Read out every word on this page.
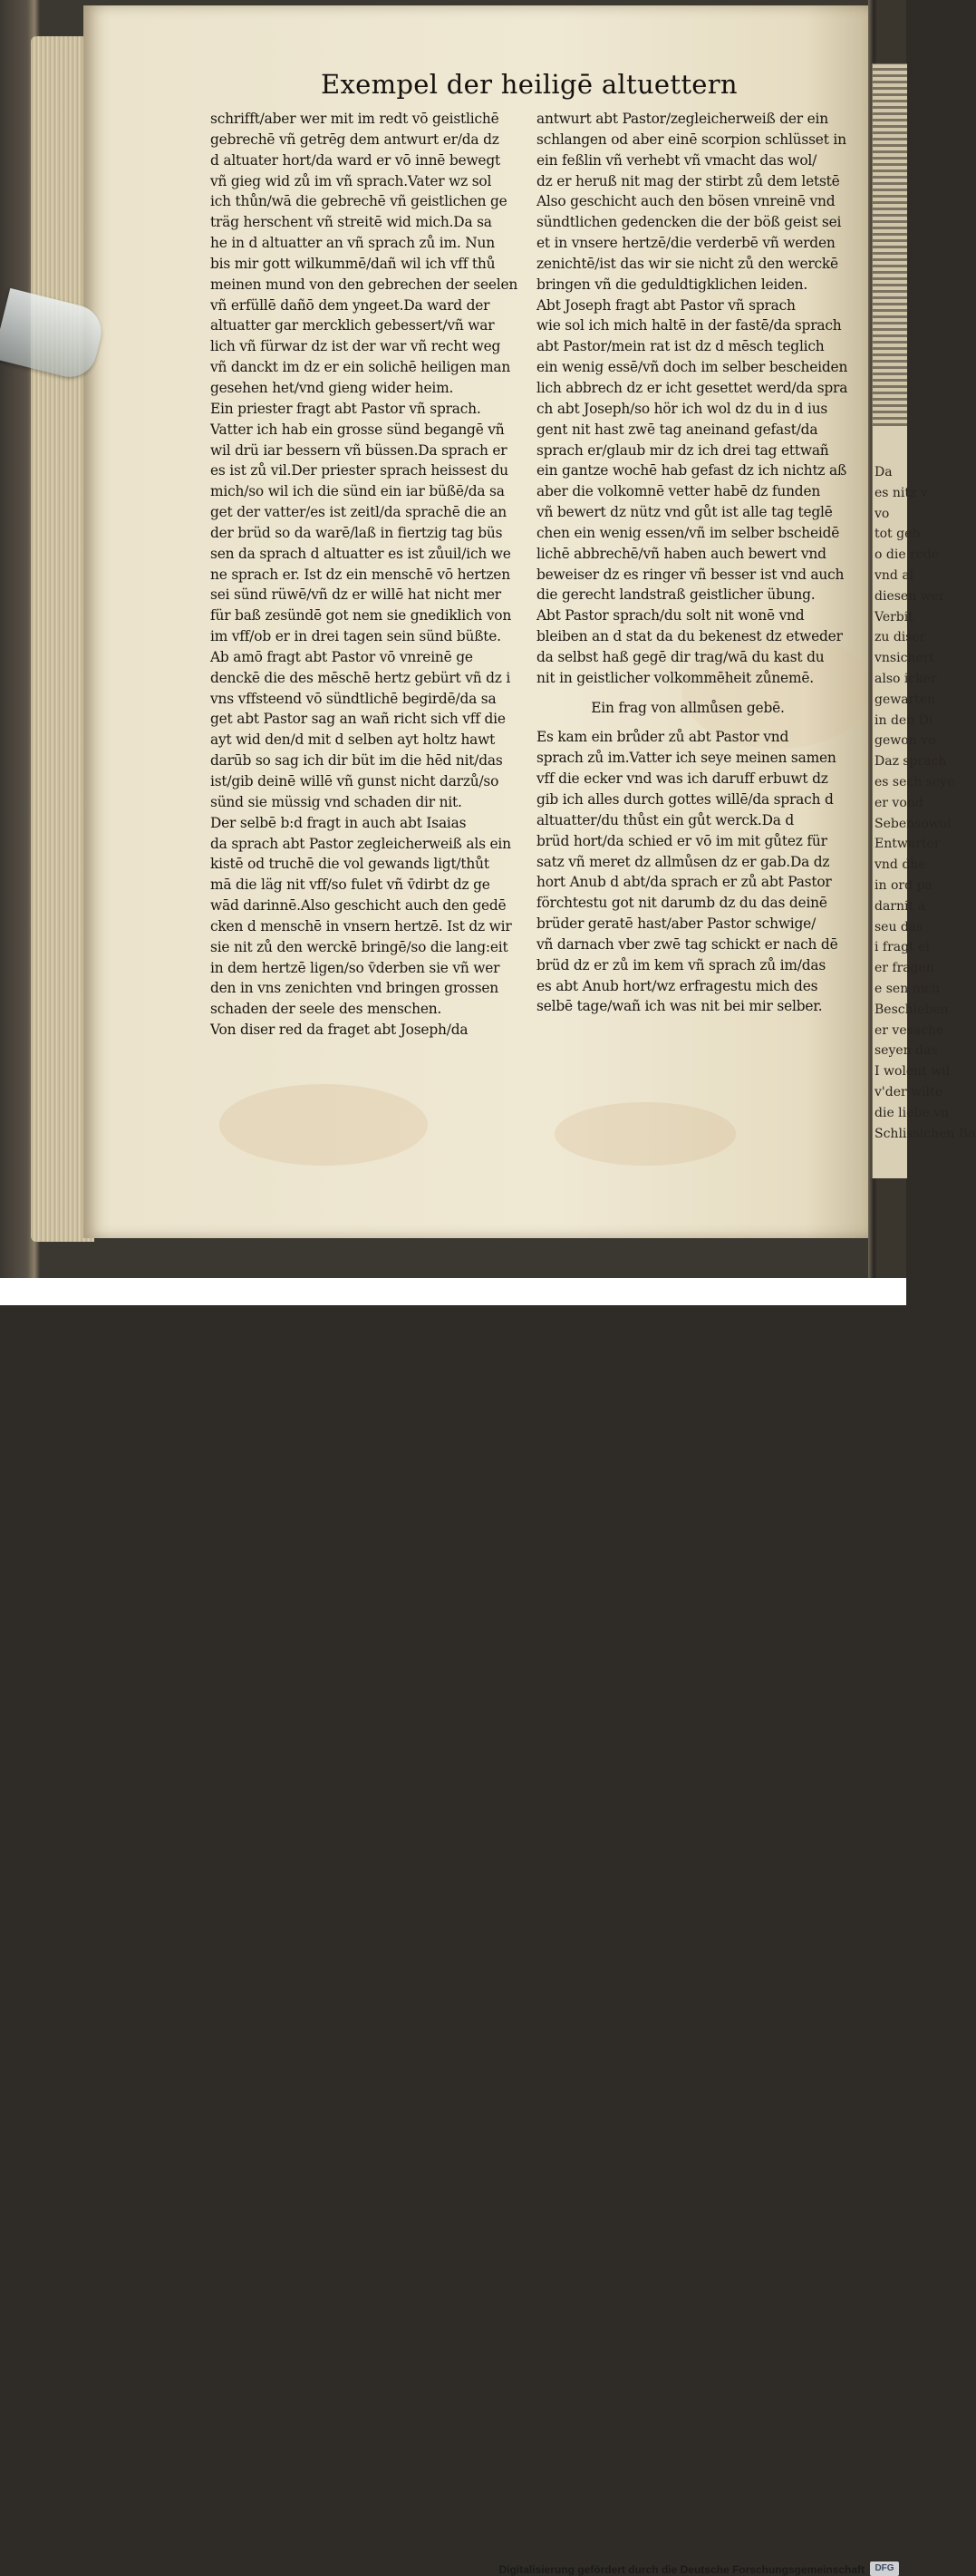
Exempel der heiligē altuettern
schrifft/aber wer mit im redt vō geistlichē
gebrechē vñ getrēg dem antwurt er/da dz
d altuater hort/da ward er vō innē bewegt
vñ gieg wid zů im vñ sprach.Vater wz sol
ich thůn/wā die gebrechē vñ geistlichen ge
träg herschent vñ streitē wid mich.Da sa
he in d altuatter an vñ sprach zů im. Nun
bis mir gott wilkummē/dañ wil ich vff thů
meinen mund von den gebrechen der seelen
vñ erfüllē dañō dem yngeet.Da ward der
altuatter gar mercklich gebessert/vñ war
lich vñ fürwar dz ist der war vñ recht weg
vñ danckt im dz er ein solichē heiligen man
gesehen het/vnd gieng wider heim.
Ein priester fragt abt Pastor vñ sprach.
Vatter ich hab ein grosse sünd begangē vñ
wil drü iar bessern vñ büssen.Da sprach er
es ist zů vil.Der priester sprach heissest du
mich/so wil ich die sünd ein iar büßē/da sa
get der vatter/es ist zeitl/da sprachē die an
der brüd so da warē/laß in fiertzig tag büs
sen da sprach d altuatter es ist zůuil/ich we
ne sprach er. Ist dz ein menschē vō hertzen
sei sünd rüwē/vñ dz er willē hat nicht mer
für baß zesündē got nem sie gnediklich von
im vff/ob er in drei tagen sein sünd büßte.
Ab amō fragt abt Pastor vō vnreinē ge
denckē die des mēschē hertz gebürt vñ dz i
vns vffsteend vō sündtlichē begirdē/da sa
get abt Pastor sag an wañ richt sich vff die
ayt wid den/d mit d selben ayt holtz hawt
darūb so sag ich dir büt im die hēd nit/das
ist/gib deinē willē vñ gunst nicht darzů/so
sünd sie müssig vnd schaden dir nit.
Der selbē b:d fragt in auch abt Isaias
da sprach abt Pastor zegleicherweiß als ein
kistē od truchē die vol gewands ligt/thůt
mā die läg nit vff/so fulet vñ v̄dirbt dz ge
wād darinnē.Also geschicht auch den gedē
cken d menschē in vnsern hertzē. Ist dz wir
sie nit zů den werckē bringē/so die lang:eit
in dem hertzē ligen/so v̄derben sie vñ wer
den in vns zenichten vnd bringen grossen
schaden der seele des menschen.
Von diser red da fraget abt Joseph/da
antwurt abt Pastor/zegleicherweiß der ein
schlangen od aber einē scorpion schlüsset in
ein feßlin vñ verhebt vñ vmacht das wol/
dz er heruß nit mag der stirbt zů dem letstē
Also geschicht auch den bösen vnreinē vnd
sündtlichen gedencken die der böß geist sei
et in vnsere hertzē/die verderbē vñ werden
zenichtē/ist das wir sie nicht zů den werckē
bringen vñ die geduldtigklichen leiden.
Abt Joseph fragt abt Pastor vñ sprach
wie sol ich mich haltē in der fastē/da sprach
abt Pastor/mein rat ist dz d mēsch teglich
ein wenig essē/vñ doch im selber bescheiden
lich abbrech dz er icht gesettet werd/da spra
ch abt Joseph/so hör ich wol dz du in d ius
gent nit hast zwē tag aneinand gefast/da
sprach er/glaub mir dz ich drei tag ettwañ
ein gantze wochē hab gefast dz ich nichtz aß
aber die volkomnē vetter habē dz funden
vñ bewert dz nütz vnd gůt ist alle tag teglē
chen ein wenig essen/vñ im selber bscheidē
lichē abbrechē/vñ haben auch bewert vnd
beweiser dz es ringer vñ besser ist vnd auch
die gerecht landstraß geistlicher übung.
Abt Pastor sprach/du solt nit wonē vnd
bleiben an d stat da du bekenest dz etweder
da selbst haß gegē dir trag/wā du kast du
nit in geistlicher volkommēheit zůnemē.
Ein frag von allmůsen gebē.
Es kam ein brůder zů abt Pastor vnd
sprach zů im.Vatter ich seye meinen samen
vff die ecker vnd was ich daruff erbuwt dz
gib ich alles durch gottes willē/da sprach d
altuatter/du thůst ein gůt werck.Da d
brüd hort/da schied er vō im mit gůtez für
satz vñ meret dz allmůsen dz er gab.Da dz
hort Anub d abt/da sprach er zů abt Pastor
förchtestu got nit darumb dz du das deinē
brüder geratē hast/aber Pastor schwige/
vñ darnach vber zwē tag schickt er nach dē
brüd dz er zů im kem vñ sprach zů im/das
es abt Anub hort/wz erfragestu mich des
selbē tage/wañ ich was nit bei mir selber.
Da
es nitz v
vo
tot geb
o die rede
vnd al
diesen wer
Verbit
zu diser
vnsichert
also icker
gewarten
in den Di
gewon vo
Daz sprach
es sech seye
er vond
Sebensowol
Entwarter
vnd dhe
in ord pa
darnit a
seu das
i fragt ei
er fragen
e sen nich
Beschleben
er vesache
seyen das
I wolent wil
v'der wilte
die liebe vn
Schlissichen Ba
Digitalisierung gefördert durch die Deutsche Forschungsgemeinschaft	DFG
